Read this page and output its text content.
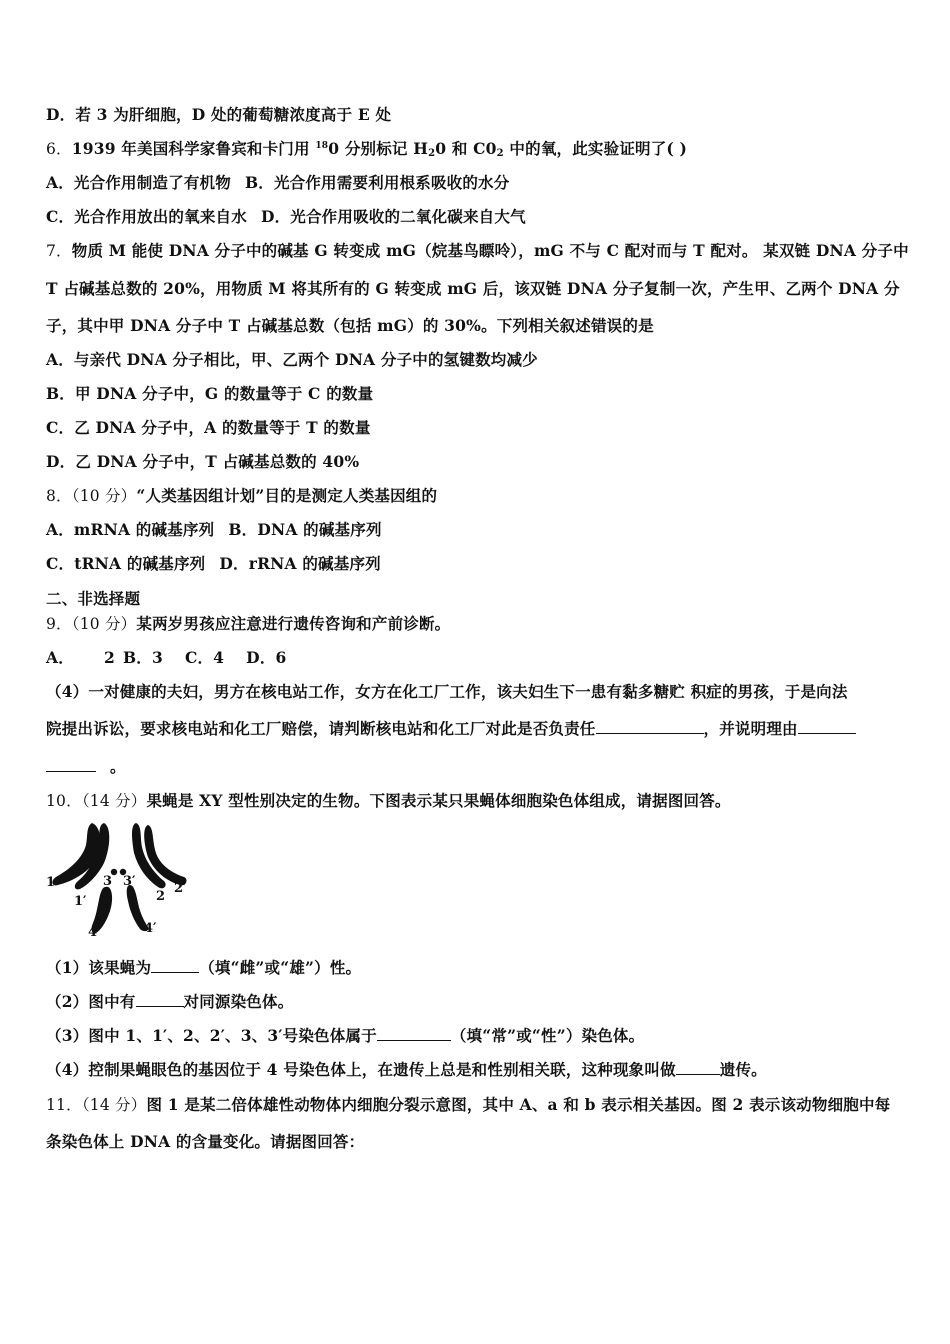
D．若 3 为肝细胞，D 处的葡萄糖浓度高于 E 处
6．1939 年美国科学家鲁宾和卡门用 $^{18}$0 分别标记 $H_20$ 和 $C0_2$ 中的氧，此实验证明了( )
A．光合作用制造了有机物 B．光合作用需要利用根系吸收的水分
C．光合作用放出的氧来自水 D．光合作用吸收的二氧化碳来自大气
7．物质 M 能使 DNA 分子中的碱基 G 转变成 mG（烷基鸟瞟呤），mG 不与 C 配对而与 T 配对。 某双链 DNA 分子中
T 占碱基总数的 20%，用物质 M 将其所有的 G 转变成 mG 后，该双链 DNA 分子复制一次，产生甲、乙两个 DNA 分
子，其中甲 DNA 分子中 T 占碱基总数（包括 mG）的 30%。下列相关叙述错误的是
A．与亲代 DNA 分子相比，甲、乙两个 DNA 分子中的氢键数均减少
B．甲 DNA 分子中，G 的数量等于 C 的数量
C．乙 DNA 分子中，A 的数量等于 T 的数量
D．乙 DNA 分子中，T 占碱基总数的 40%
8．（10 分）“人类基因组计划”目的是测定人类基因组的
A．mRNA 的碱基序列 B．DNA 的碱基序列
C．tRNA 的碱基序列 D．rRNA 的碱基序列
二、非选择题
9．（10 分）某两岁男孩应注意进行遗传咨询和产前诊断。
A． 2 B．3 C．4 D．6
（4）一对健康的夫妇，男方在核电站工作，女方在化工厂工作，该夫妇生下一患有黏多糖贮 积症的男孩，于是向法
院提出诉讼，要求核电站和化工厂赔偿，请判断核电站和化工厂对此是否负责任	，并说明理由
。
10．（14 分）果蝇是 XY 型性别决定的生物。下图表示某只果蝇体细胞染色体组成，请据图回答。
1
1′
3 3′
2
2′
4	4′
（1）该果蝇为	（填“雌”或“雄”）性。
（2）图中有	对同源染色体。
（3）图中 1、1′、2、2′、3、3′号染色体属于	（填“常”或“性”）染色体。
（4）控制果蝇眼色的基因位于 4 号染色体上，在遗传上总是和性别相关联，这种现象叫做	遗传。
11．（14 分）图 1 是某二倍体雄性动物体内细胞分裂示意图，其中 A、a 和 b 表示相关基因。图 2 表示该动物细胞中每
条染色体上 DNA 的含量变化。请据图回答：
